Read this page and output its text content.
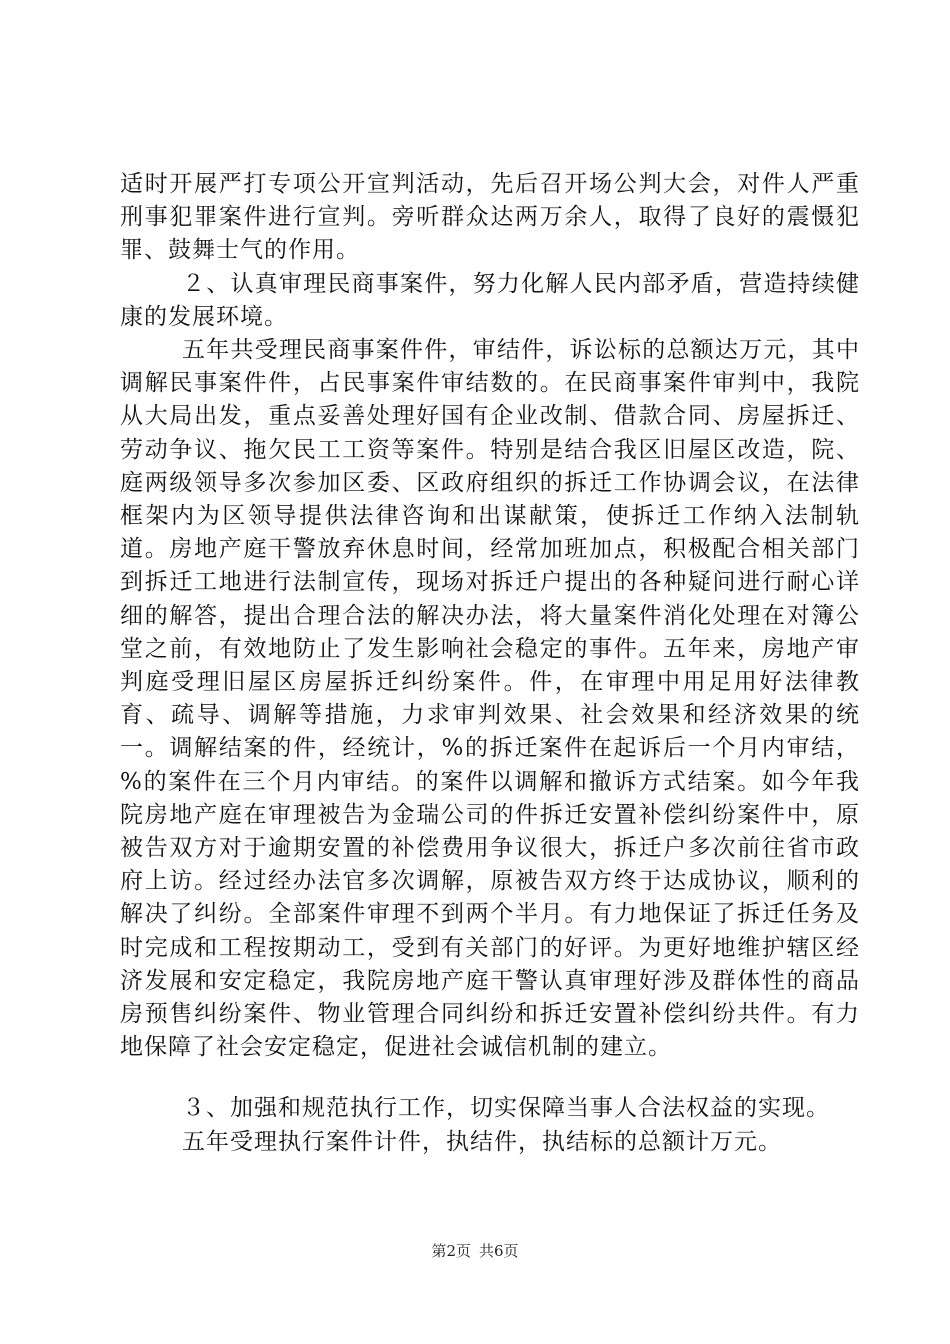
适时开展严打专项公开宣判活动，先后召开场公判大会，对件人严重刑事犯罪案件进行宣判。旁听群众达两万余人，取得了良好的震慑犯罪、鼓舞士气的作用。

２、认真审理民商事案件，努力化解人民内部矛盾，营造持续健康的发展环境。

五年共受理民商事案件件，审结件，诉讼标的总额达万元，其中调解民事案件件，占民事案件审结数的。在民商事案件审判中，我院从大局出发，重点妥善处理好国有企业改制、借款合同、房屋拆迁、劳动争议、拖欠民工工资等案件。特别是结合我区旧屋区改造，院、庭两级领导多次参加区委、区政府组织的拆迁工作协调会议，在法律框架内为区领导提供法律咨询和出谋献策，使拆迁工作纳入法制轨道。房地产庭干警放弃休息时间，经常加班加点，积极配合相关部门到拆迁工地进行法制宣传，现场对拆迁户提出的各种疑问进行耐心详细的解答，提出合理合法的解决办法，将大量案件消化处理在对簿公堂之前，有效地防止了发生影响社会稳定的事件。五年来，房地产审判庭受理旧屋区房屋拆迁纠纷案件。件，在审理中用足用好法律教育、疏导、调解等措施，力求审判效果、社会效果和经济效果的统一。调解结案的件，经统计，%的拆迁案件在起诉后一个月内审结，%的案件在三个月内审结。的案件以调解和撤诉方式结案。如今年我院房地产庭在审理被告为金瑞公司的件拆迁安置补偿纠纷案件中，原被告双方对于逾期安置的补偿费用争议很大，拆迁户多次前往省市政府上访。经过经办法官多次调解，原被告双方终于达成协议，顺利的解决了纠纷。全部案件审理不到两个半月。有力地保证了拆迁任务及时完成和工程按期动工，受到有关部门的好评。为更好地维护辖区经济发展和安定稳定，我院房地产庭干警认真审理好涉及群体性的商品房预售纠纷案件、物业管理合同纠纷和拆迁安置补偿纠纷共件。有力地保障了社会安定稳定，促进社会诚信机制的建立。

３、加强和规范执行工作，切实保障当事人合法权益的实现。

五年受理执行案件计件，执结件，执结标的总额计万元。

第2页 共6页
